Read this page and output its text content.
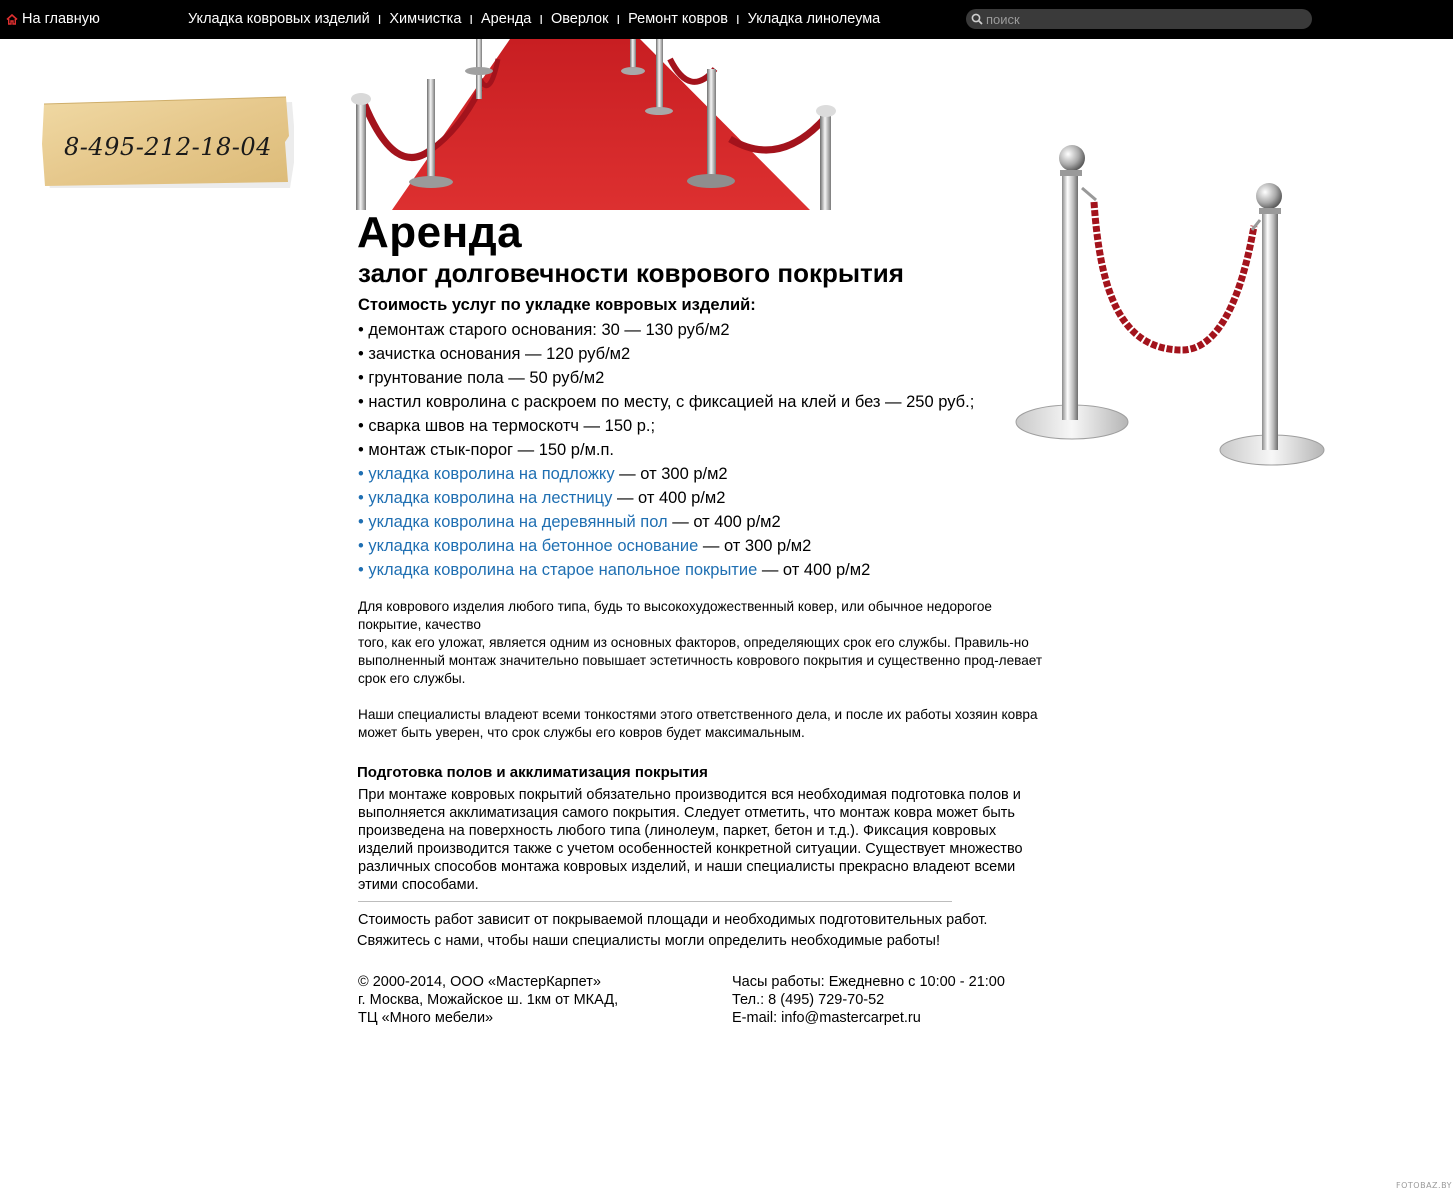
На главную	Укладка ковровых изделий I Химчистка I Аренда I Оверлок I Ремонт ковров I Укладка линолеума
поиск
8-495-212-18-04
Аренда
залог долговечности коврового покрытия
Стоимость услуг по укладке ковровых изделий:
• демонтаж старого основания: 30 — 130 руб/м2
• зачистка основания — 120 руб/м2
• грунтование пола — 50 руб/м2
• настил ковролина с раскроем по месту, с фиксацией на клей и без — 250 руб.;
• сварка швов на термоскотч — 150 р.;
• монтаж стык-порог — 150 р/м.п.
• укладка ковролина на подложку — от 300 р/м2
• укладка ковролина на лестницу — от 400 р/м2
• укладка ковролина на деревянный пол — от 400 р/м2
• укладка ковролина на бетонное основание — от 300 р/м2
• укладка ковролина на старое напольное покрытие — от 400 р/м2

Для коврового изделия любого типа, будь то высокохудожественный ковер, или обычное недорогое покрытие, качество

того, как его уложат, является одним из основных факторов, определяющих срок его службы. Правиль-но выполненный монтаж значительно повышает эстетичность коврового покрытия и существенно прод-левает срок его службы.

Наши специалисты владеют всеми тонкостями этого ответственного дела, и после их работы хозяин ковра может быть уверен, что срок службы его ковров будет максимальным.

Подготовка полов и акклиматизация покрытия

При монтаже ковровых покрытий обязательно производится вся необходимая подготовка полов и выполняется акклиматизация самого покрытия. Следует отметить, что монтаж ковра может быть произведена на поверхность любого типа (линолеум, паркет, бетон и т.д.). Фиксация ковровых изделий производится также с учетом особенностей конкретной ситуации. Существует множество различных способов монтажа ковровых изделий, и наши специалисты прекрасно владеют всеми этими способами.

Стоимость работ зависит от покрываемой площади и необходимых подготовительных работ.
Свяжитесь с нами, чтобы наши специалисты могли определить необходимые работы!
© 2000-2014, ООО «МастерКарпет»
г. Москва, Можайское ш. 1км от МКАД,
ТЦ «Много мебели»
Часы работы: Ежедневно с 10:00 - 21:00
Тел.: 8 (495) 729-70-52
E-mail: info@mastercarpet.ru
FOTOBAZ.BY
